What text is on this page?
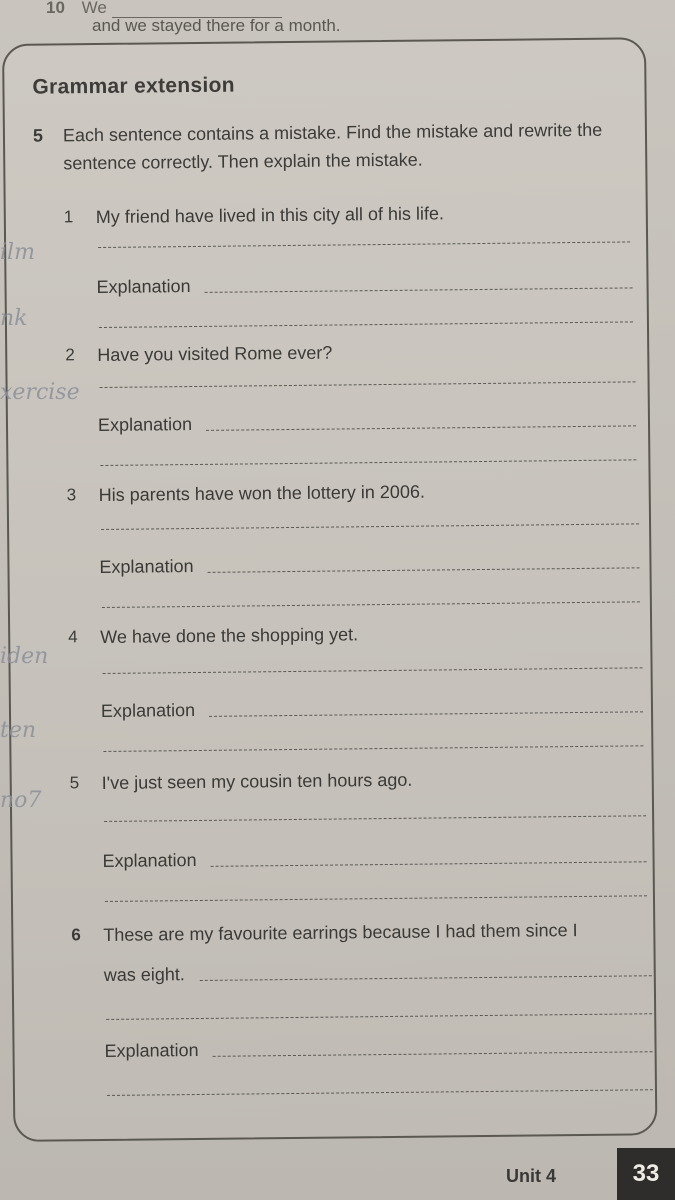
10 We
and we stayed there for a month.
Grammar extension
5 Each sentence contains a mistake. Find the mistake and rewrite the sentence correctly. Then explain the mistake.
1 My friend have lived in this city all of his life.
Explanation
2 Have you visited Rome ever?
Explanation
3 His parents have won the lottery in 2006.
Explanation
4 We have done the shopping yet.
Explanation
5 I've just seen my cousin ten hours ago.
Explanation
6 These are my favourite earrings because I had them since I
was eight.
Explanation
ilm
nk
xercise
iden
ten
no7
Unit 4	33
